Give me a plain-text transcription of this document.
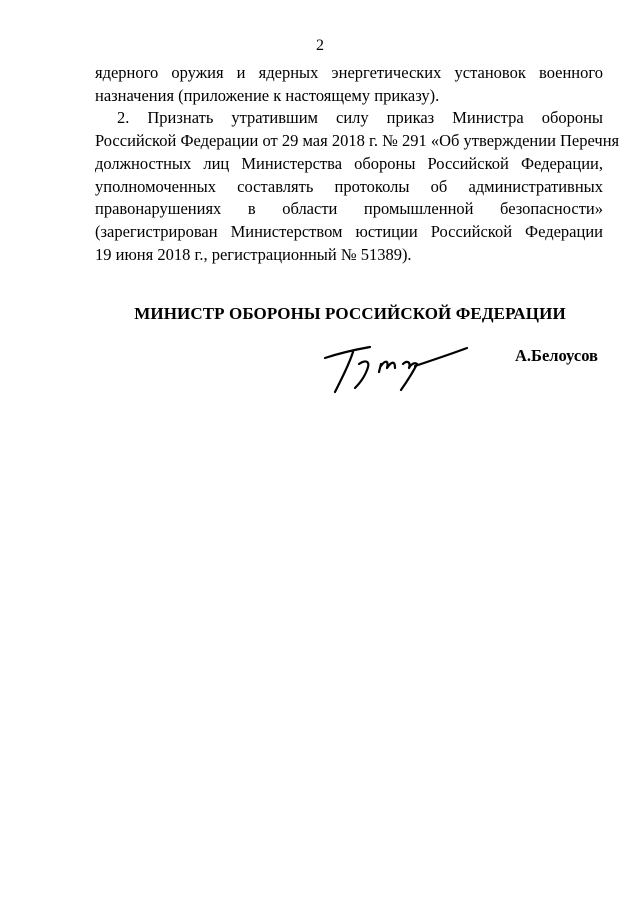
2
ядерного оружия и ядерных энергетических установок военного
назначения (приложение к настоящему приказу).
2. Признать утратившим силу приказ Министра обороны
Российской Федерации от 29 мая 2018 г. № 291 «Об утверждении Перечня
должностных лиц Министерства обороны Российской Федерации,
уполномоченных составлять протоколы об административных
правонарушениях в области промышленной безопасности»
(зарегистрирован Министерством юстиции Российской Федерации
19 июня 2018 г., регистрационный № 51389).
МИНИСТР ОБОРОНЫ РОССИЙСКОЙ ФЕДЕРАЦИИ
А.Белоусов
